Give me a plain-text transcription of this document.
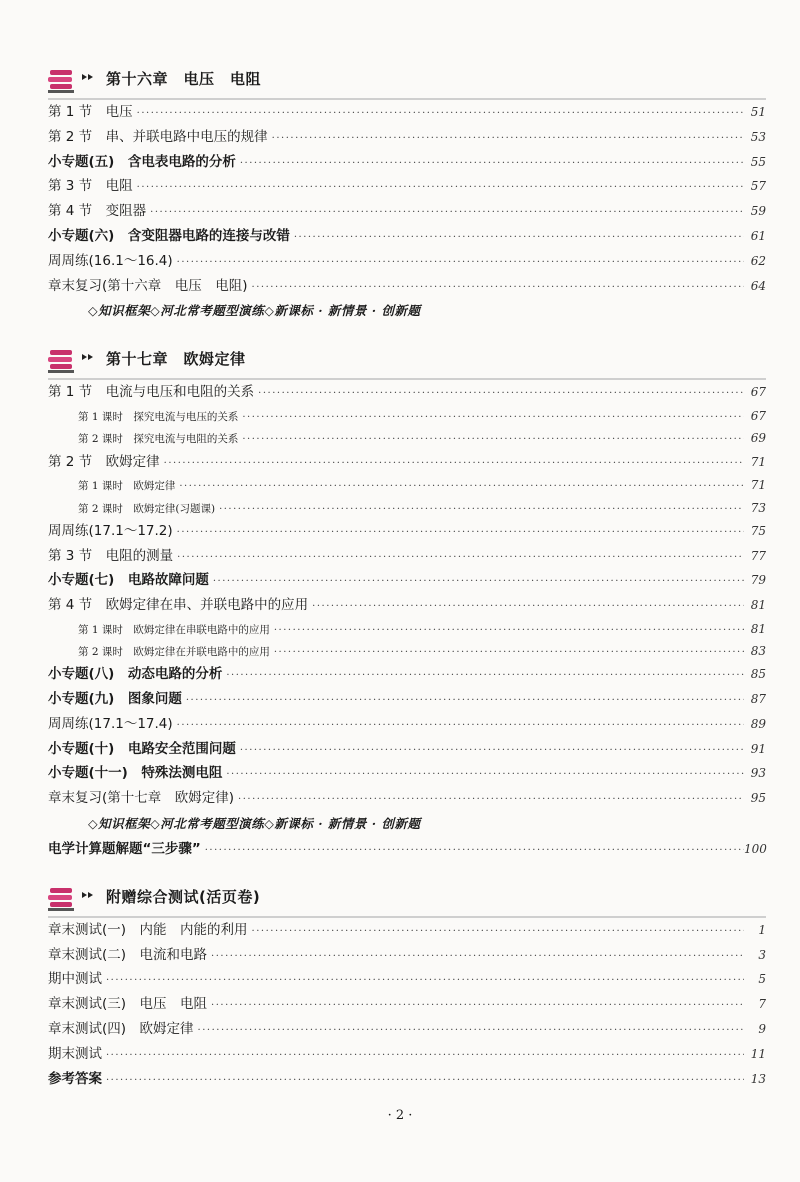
第十六章　电压　电阻
第 1 节　电压 ·····	51
第 2 节　串、并联电路中电压的规律 ·····	53
小专题(五)　含电表电路的分析 ·····	55
第 3 节　电阻 ·····	57
第 4 节　变阻器 ·····	59
小专题(六)　含变阻器电路的连接与改错 ·····	61
周周练(16.1～16.4) ·····	62
章末复习(第十六章　电压　电阻) ·····	64
◇知识框架◇河北常考题型演练◇新课标 · 新情景 · 创新题
第十七章　欧姆定律
第 1 节　电流与电压和电阻的关系 ·····	67
第 1 课时　探究电流与电压的关系 ·····	67
第 2 课时　探究电流与电阻的关系 ·····	69
第 2 节　欧姆定律 ·····	71
第 1 课时　欧姆定律 ·····	71
第 2 课时　欧姆定律(习题课) ·····	73
周周练(17.1～17.2) ·····	75
第 3 节　电阻的测量 ·····	77
小专题(七)　电路故障问题 ·····	79
第 4 节　欧姆定律在串、并联电路中的应用 ·····	81
第 1 课时　欧姆定律在串联电路中的应用 ·····	81
第 2 课时　欧姆定律在并联电路中的应用 ·····	83
小专题(八)　动态电路的分析 ·····	85
小专题(九)　图象问题 ·····	87
周周练(17.1～17.4) ·····	89
小专题(十)　电路安全范围问题 ·····	91
小专题(十一)　特殊法测电阻 ·····	93
章末复习(第十七章　欧姆定律) ·····	95
◇知识框架◇河北常考题型演练◇新课标 · 新情景 · 创新题
电学计算题解题“三步骤” ·····	100
附赠综合测试(活页卷)
章末测试(一)　内能　内能的利用 ·····	1
章末测试(二)　电流和电路 ·····	3
期中测试 ·····	5
章末测试(三)　电压　电阻 ·····	7
章末测试(四)　欧姆定律 ·····	9
期末测试 ·····	11
参考答案 ·····	13
· 2 ·
